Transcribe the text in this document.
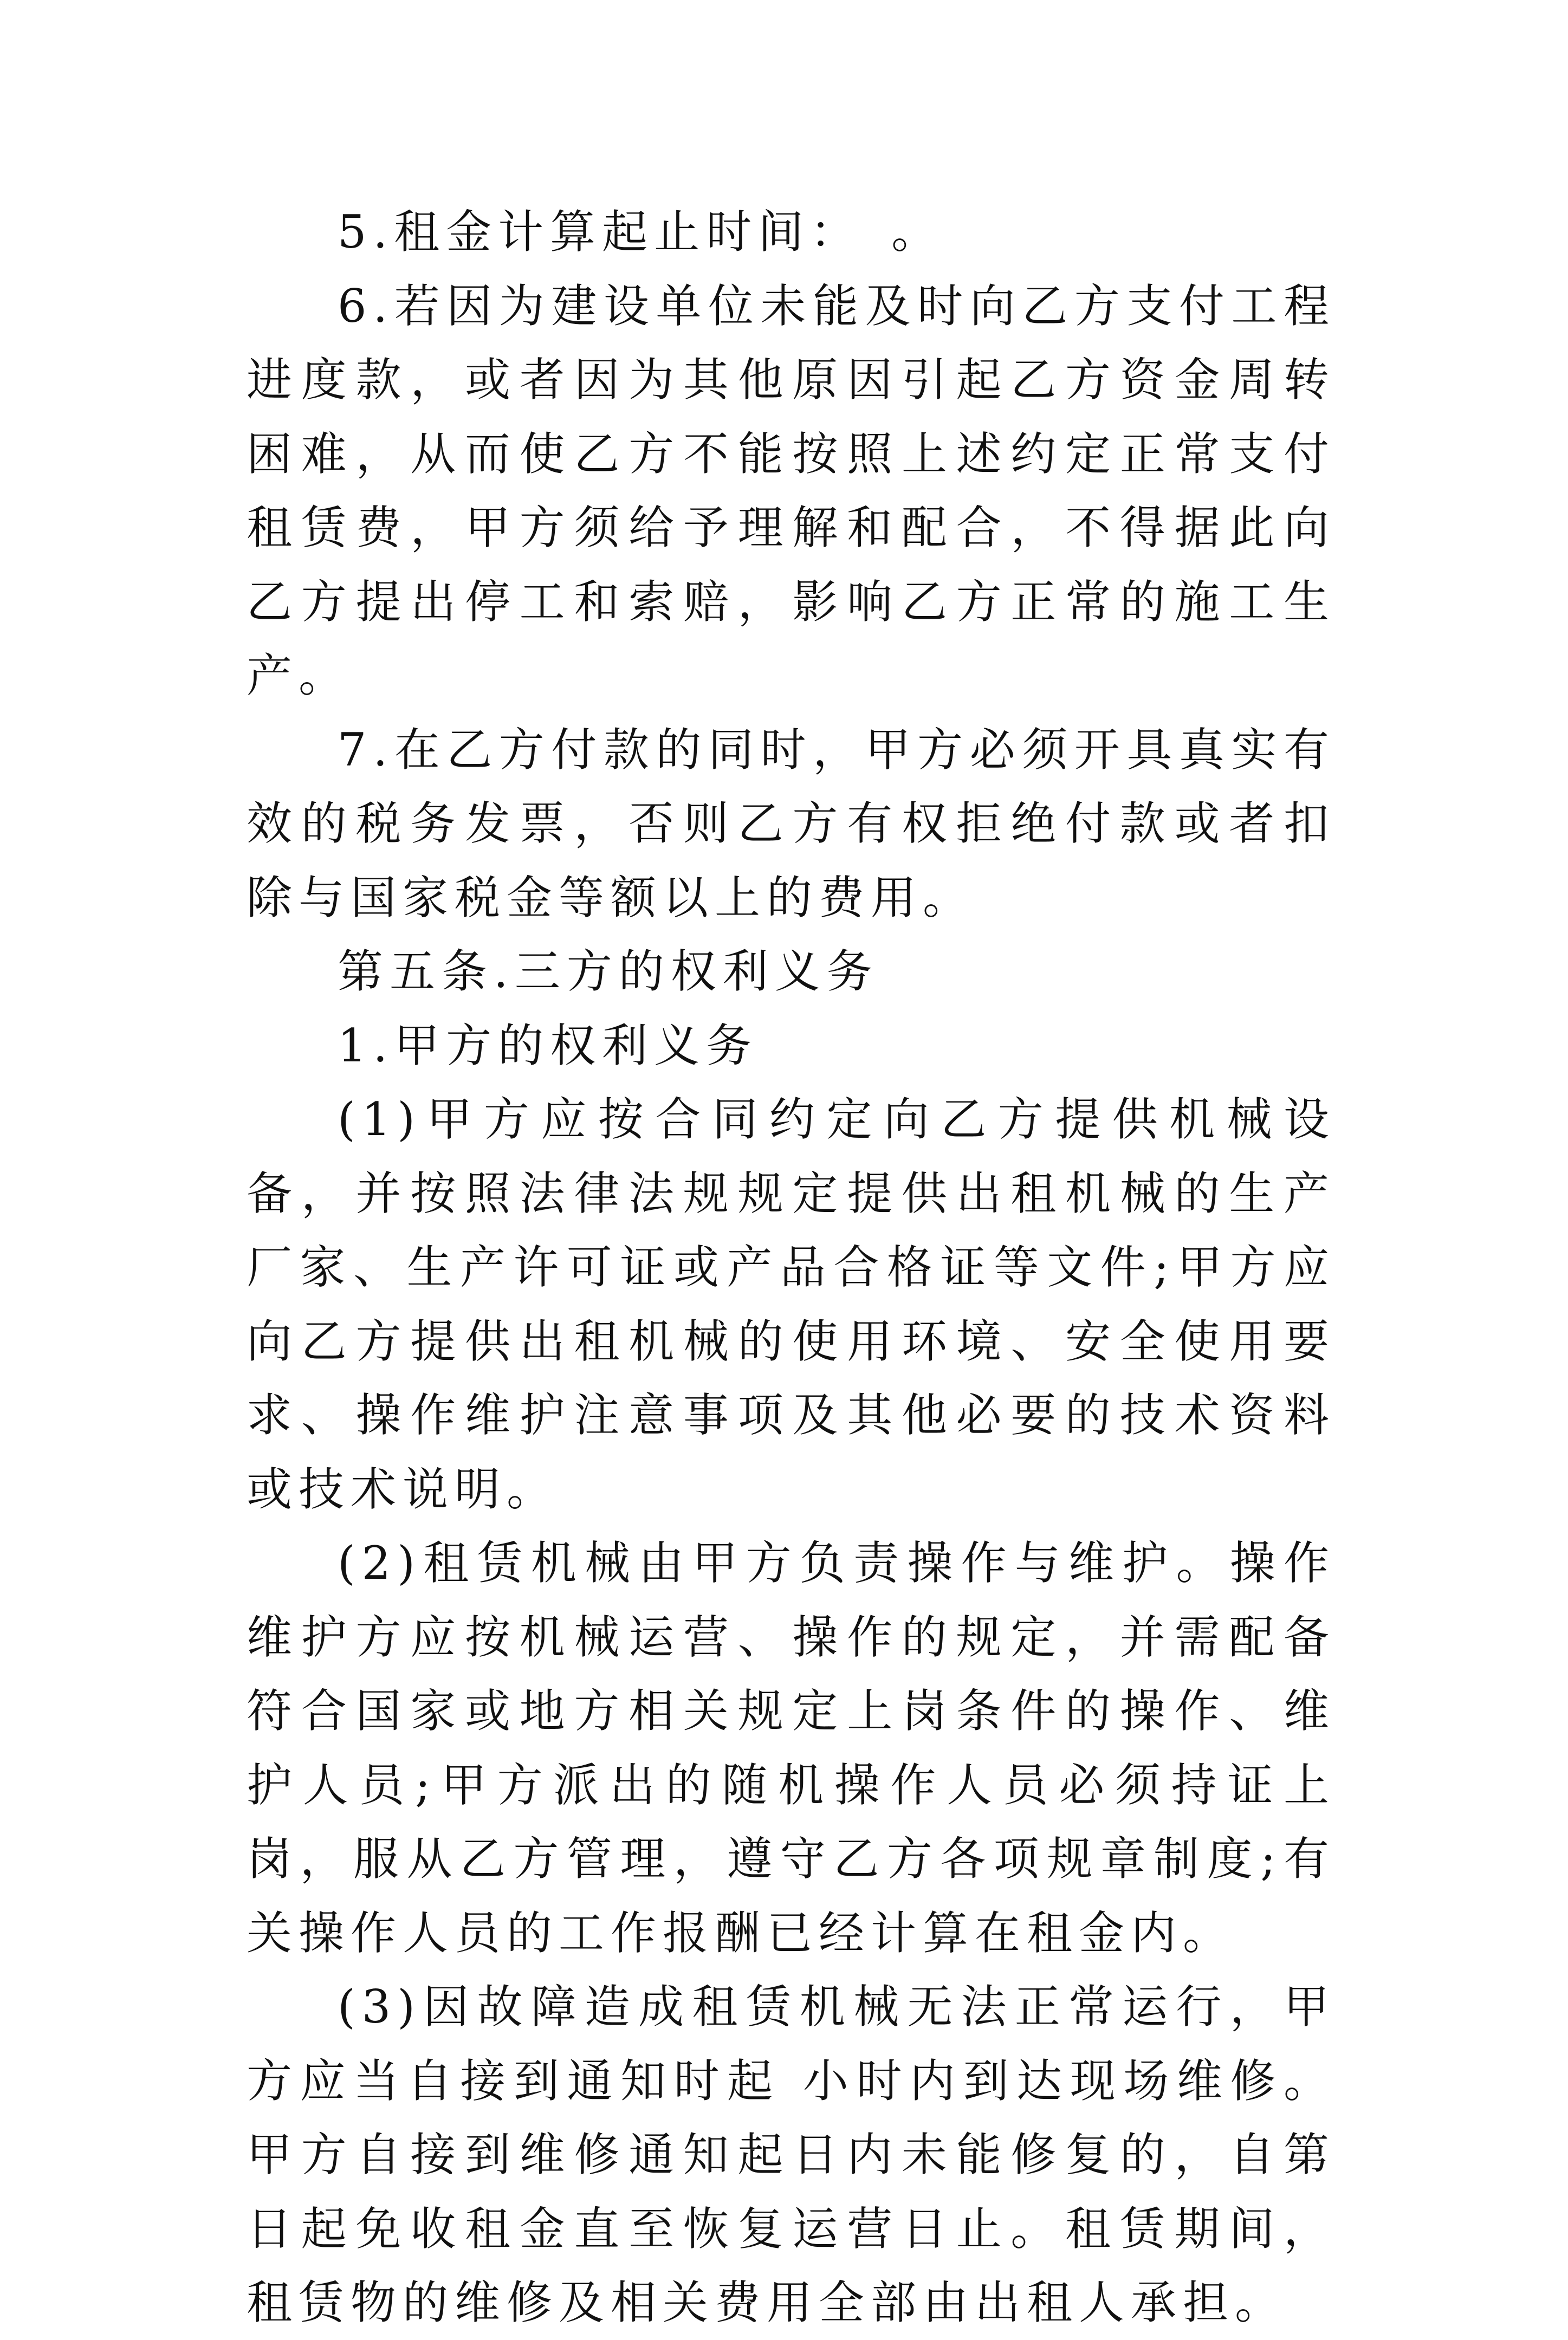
5.租金计算起止时间：　。

6.若因为建设单位未能及时向乙方支付工程进度款，或者因为其他原因引起乙方资金周转困难，从而使乙方不能按照上述约定正常支付租赁费，甲方须给予理解和配合，不得据此向乙方提出停工和索赔，影响乙方正常的施工生产。

7.在乙方付款的同时，甲方必须开具真实有效的税务发票，否则乙方有权拒绝付款或者扣除与国家税金等额以上的费用。

第五条.三方的权利义务

1.甲方的权利义务

(1)甲方应按合同约定向乙方提供机械设备，并按照法律法规规定提供出租机械的生产厂家、生产许可证或产品合格证等文件;甲方应向乙方提供出租机械的使用环境、安全使用要求、操作维护注意事项及其他必要的技术资料或技术说明。

(2)租赁机械由甲方负责操作与维护。操作维护方应按机械运营、操作的规定，并需配备符合国家或地方相关规定上岗条件的操作、维护人员;甲方派出的随机操作人员必须持证上岗，服从乙方管理，遵守乙方各项规章制度;有关操作人员的工作报酬已经计算在租金内。

(3)因故障造成租赁机械无法正常运行，甲方应当自接到通知时起 小时内到达现场维修。甲方自接到维修通知起日内未能修复的，自第日起免收租金直至恢复运营日止。租赁期间，租赁物的维修及相关费用全部由出租人承担。
